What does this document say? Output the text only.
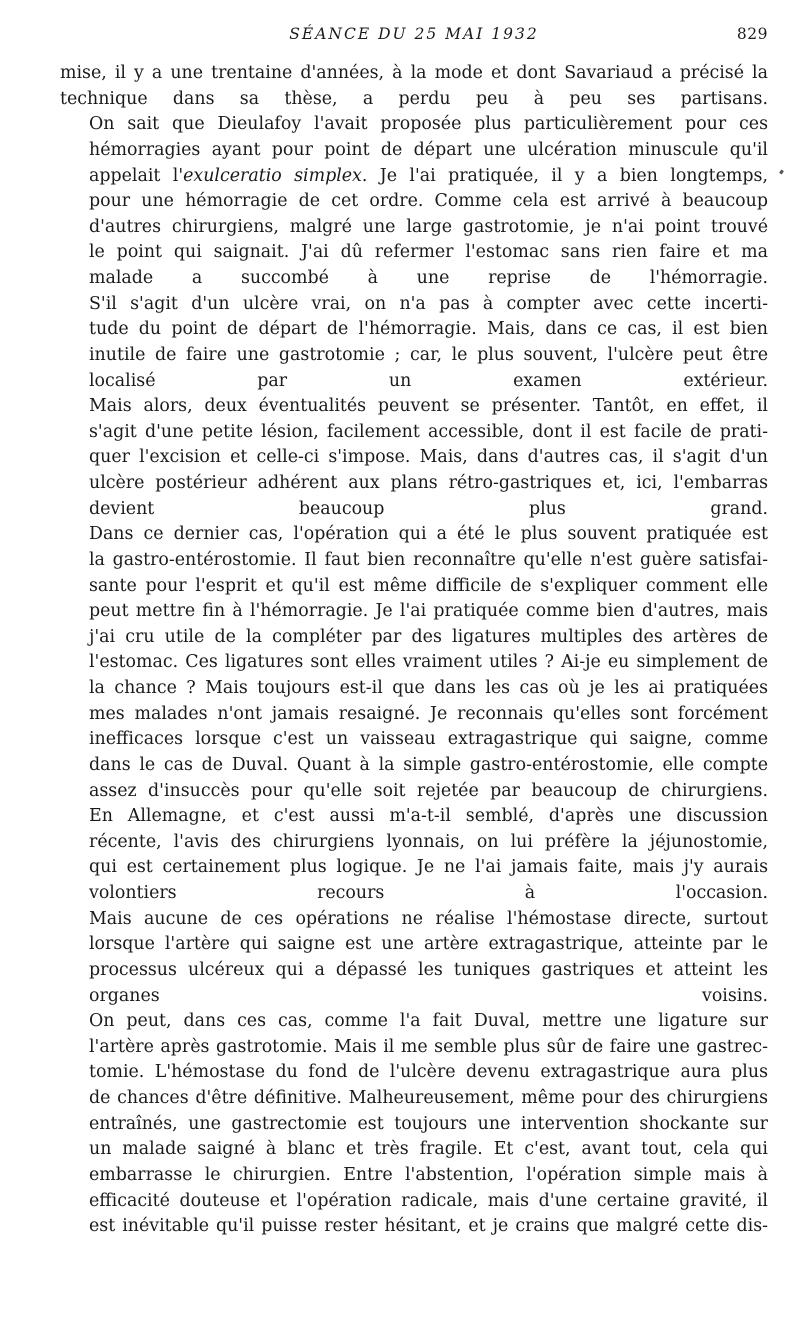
SÉANCE DU 25 MAI 1932	829

mise, il y a une trentaine d'années, à la mode et dont Savariaud a précisé la
technique dans sa thèse, a perdu peu à peu ses partisans.

On sait que Dieulafoy l'avait proposée plus particulièrement pour ces
hémorragies ayant pour point de départ une ulcération minuscule qu'il
appelait l'exulceratio simplex. Je l'ai pratiquée, il y a bien longtemps,
pour une hémorragie de cet ordre. Comme cela est arrivé à beaucoup
d'autres chirurgiens, malgré une large gastrotomie, je n'ai point trouvé
le point qui saignait. J'ai dû refermer l'estomac sans rien faire et ma
malade a succombé à une reprise de l'hémorragie.

S'il s'agit d'un ulcère vrai, on n'a pas à compter avec cette incerti-
tude du point de départ de l'hémorragie. Mais, dans ce cas, il est bien
inutile de faire une gastrotomie ; car, le plus souvent, l'ulcère peut être
localisé par un examen extérieur.

Mais alors, deux éventualités peuvent se présenter. Tantôt, en effet, il
s'agit d'une petite lésion, facilement accessible, dont il est facile de prati-
quer l'excision et celle-ci s'impose. Mais, dans d'autres cas, il s'agit d'un
ulcère postérieur adhérent aux plans rétro-gastriques et, ici, l'embarras
devient beaucoup plus grand.

Dans ce dernier cas, l'opération qui a été le plus souvent pratiquée est
la gastro-entérostomie. Il faut bien reconnaître qu'elle n'est guère satisfai-
sante pour l'esprit et qu'il est même difficile de s'expliquer comment elle
peut mettre fin à l'hémorragie. Je l'ai pratiquée comme bien d'autres, mais
j'ai cru utile de la compléter par des ligatures multiples des artères de
l'estomac. Ces ligatures sont elles vraiment utiles ? Ai-je eu simplement de
la chance ? Mais toujours est-il que dans les cas où je les ai pratiquées
mes malades n'ont jamais resaigné. Je reconnais qu'elles sont forcément
inefficaces lorsque c'est un vaisseau extragastrique qui saigne, comme
dans le cas de Duval. Quant à la simple gastro-entérostomie, elle compte
assez d'insuccès pour qu'elle soit rejetée par beaucoup de chirurgiens.

En Allemagne, et c'est aussi m'a-t-il semblé, d'après une discussion
récente, l'avis des chirurgiens lyonnais, on lui préfère la jéjunostomie,
qui est certainement plus logique. Je ne l'ai jamais faite, mais j'y aurais
volontiers recours à l'occasion.

Mais aucune de ces opérations ne réalise l'hémostase directe, surtout
lorsque l'artère qui saigne est une artère extragastrique, atteinte par le
processus ulcéreux qui a dépassé les tuniques gastriques et atteint les
organes voisins.

On peut, dans ces cas, comme l'a fait Duval, mettre une ligature sur
l'artère après gastrotomie. Mais il me semble plus sûr de faire une gastrec-
tomie. L'hémostase du fond de l'ulcère devenu extragastrique aura plus
de chances d'être définitive. Malheureusement, même pour des chirurgiens
entraînés, une gastrectomie est toujours une intervention shockante sur
un malade saigné à blanc et très fragile. Et c'est, avant tout, cela qui
embarrasse le chirurgien. Entre l'abstention, l'opération simple mais à
efficacité douteuse et l'opération radicale, mais d'une certaine gravité, il
est inévitable qu'il puisse rester hésitant, et je crains que malgré cette dis-
